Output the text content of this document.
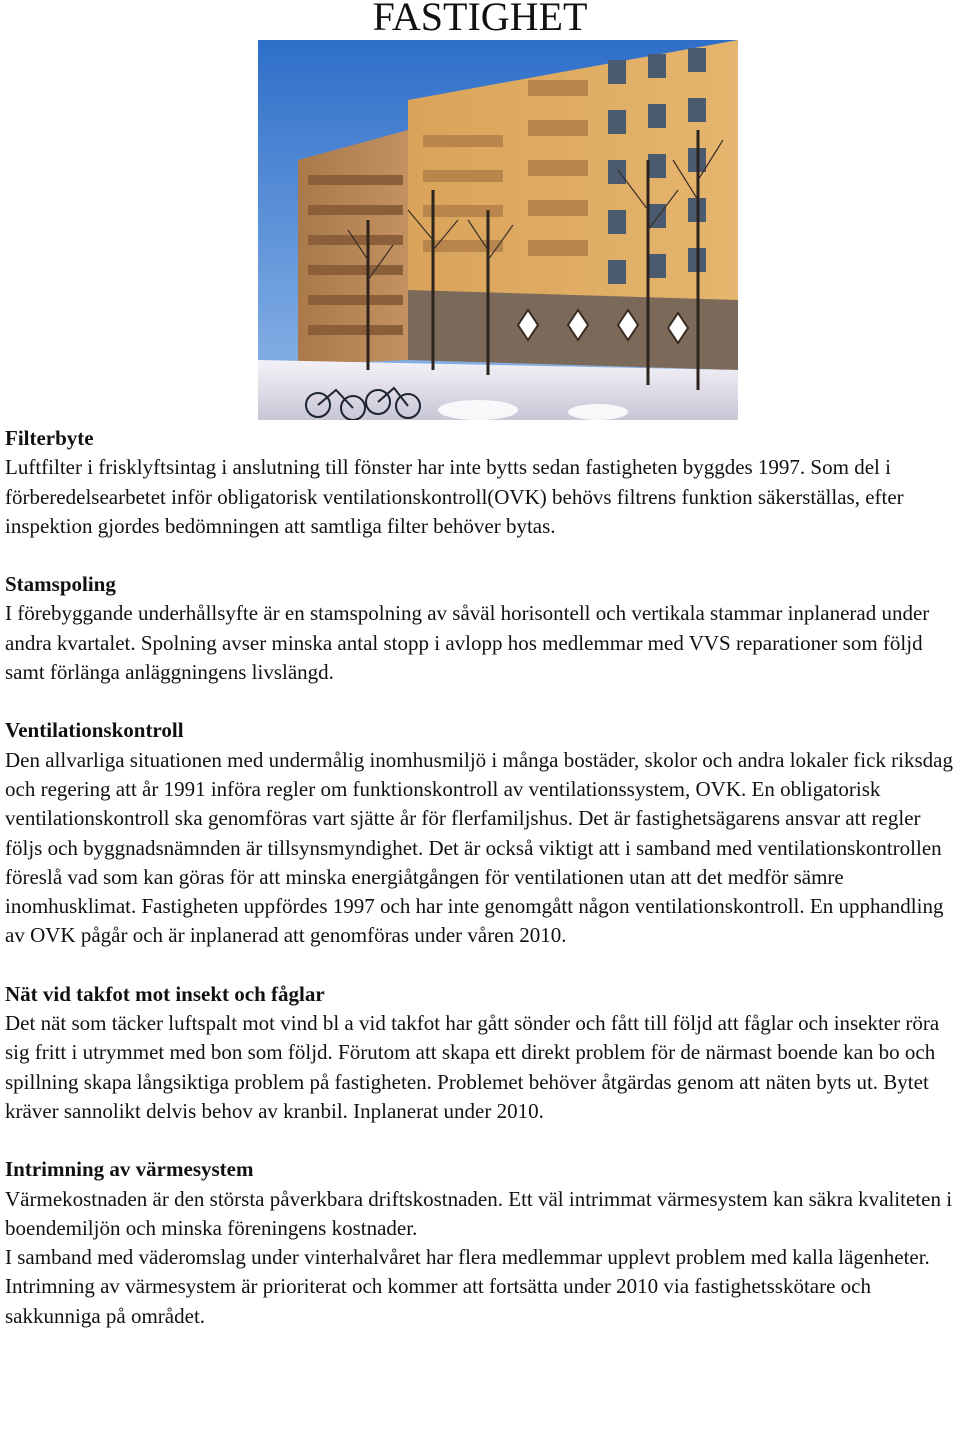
FASTIGHET
Filterbyte

Luftfilter i frisklyftsintag i anslutning till fönster har inte bytts sedan fastigheten byggdes 1997. Som del i förberedelsearbetet inför obligatorisk ventilationskontroll(OVK) behövs filtrens funktion säkerställas, efter inspektion gjordes bedömningen att samtliga filter behöver bytas.

Stamspoling

I förebyggande underhållsyfte är en stamspolning av såväl horisontell och vertikala stammar inplanerad under andra kvartalet. Spolning avser minska antal stopp i avlopp hos medlemmar med VVS reparationer som följd samt förlänga anläggningens livslängd.

Ventilationskontroll

Den allvarliga situationen med undermålig inomhusmiljö i många bostäder, skolor och andra lokaler fick riksdag och regering att år 1991 införa regler om funktionskontroll av ventilationssystem, OVK. En obligatorisk ventilationskontroll ska genomföras vart sjätte år för flerfamiljshus. Det är fastighetsägarens ansvar att regler följs och byggnadsnämnden är tillsynsmyndighet. Det är också viktigt att i samband med ventilationskontrollen föreslå vad som kan göras för att minska energiåtgången för ventilationen utan att det medför sämre inomhusklimat. Fastigheten uppfördes 1997 och har inte genomgått någon ventilationskontroll. En upphandling av OVK pågår och är inplanerad att genomföras under våren 2010.

Nät vid takfot mot insekt och fåglar

Det nät som täcker luftspalt mot vind bl a vid takfot har gått sönder och fått till följd att fåglar och insekter röra sig fritt i utrymmet med bon som följd. Förutom att skapa ett direkt problem för de närmast boende kan bo och spillning skapa långsiktiga problem på fastigheten. Problemet behöver åtgärdas genom att näten byts ut. Bytet kräver sannolikt delvis behov av kranbil. Inplanerat under 2010.

Intrimning av värmesystem

Värmekostnaden är den största påverkbara driftskostnaden. Ett väl intrimmat värmesystem kan säkra kvaliteten i boendemiljön och minska föreningens kostnader.

I samband med väderomslag under vinterhalvåret har flera medlemmar upplevt problem med kalla lägenheter. Intrimning av värmesystem är prioriterat och kommer att fortsätta under 2010 via fastighetsskötare och sakkunniga på området.
